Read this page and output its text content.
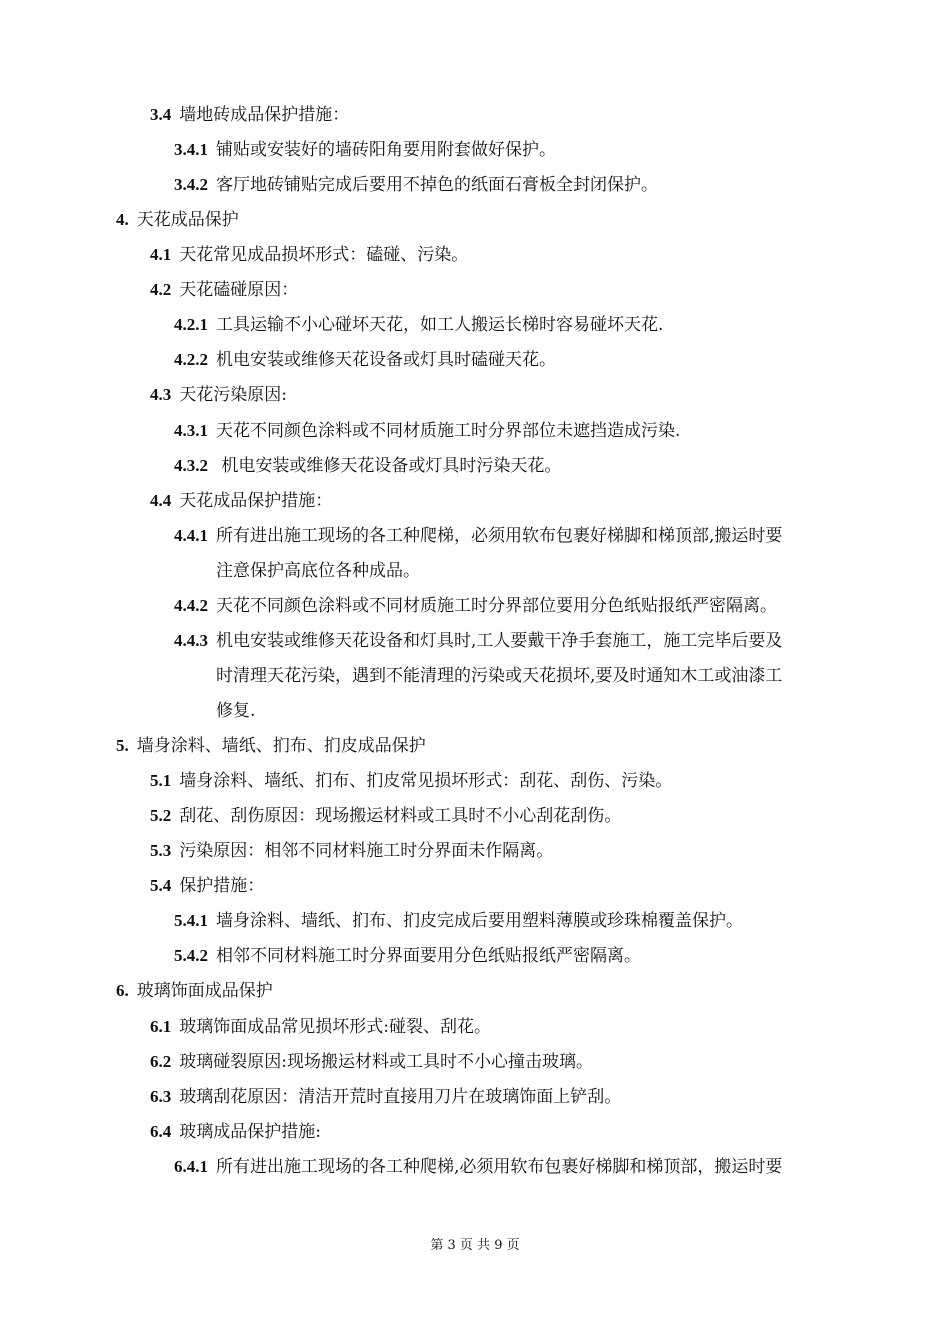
3.4 墙地砖成品保护措施：
3.4.1 铺贴或安装好的墙砖阳角要用附套做好保护。
3.4.2 客厅地砖铺贴完成后要用不掉色的纸面石膏板全封闭保护。
4. 天花成品保护
4.1 天花常见成品损坏形式：磕碰、污染。
4.2 天花磕碰原因：
4.2.1 工具运输不小心碰坏天花，如工人搬运长梯时容易碰坏天花.
4.2.2 机电安装或维修天花设备或灯具时磕碰天花。
4.3 天花污染原因:
4.3.1 天花不同颜色涂料或不同材质施工时分界部位未遮挡造成污染.
4.3.2 机电安装或维修天花设备或灯具时污染天花。
4.4 天花成品保护措施：
4.4.1 所有进出施工现场的各工种爬梯，必须用软布包裹好梯脚和梯顶部,搬运时要
注意保护高底位各种成品。
4.4.2 天花不同颜色涂料或不同材质施工时分界部位要用分色纸贴报纸严密隔离。
4.4.3 机电安装或维修天花设备和灯具时,工人要戴干净手套施工，施工完毕后要及
时清理天花污染，遇到不能清理的污染或天花损坏,要及时通知木工或油漆工
修复.
5. 墙身涂料、墙纸、扪布、扪皮成品保护
5.1 墙身涂料、墙纸、扪布、扪皮常见损坏形式：刮花、刮伤、污染。
5.2 刮花、刮伤原因：现场搬运材料或工具时不小心刮花刮伤。
5.3 污染原因：相邻不同材料施工时分界面未作隔离。
5.4 保护措施：
5.4.1 墙身涂料、墙纸、扪布、扪皮完成后要用塑料薄膜或珍珠棉覆盖保护。
5.4.2 相邻不同材料施工时分界面要用分色纸贴报纸严密隔离。
6. 玻璃饰面成品保护
6.1 玻璃饰面成品常见损坏形式:碰裂、刮花。
6.2 玻璃碰裂原因:现场搬运材料或工具时不小心撞击玻璃。
6.3 玻璃刮花原因：清洁开荒时直接用刀片在玻璃饰面上铲刮。
6.4 玻璃成品保护措施:
6.4.1 所有进出施工现场的各工种爬梯,必须用软布包裹好梯脚和梯顶部，搬运时要
第 3 页 共 9 页
